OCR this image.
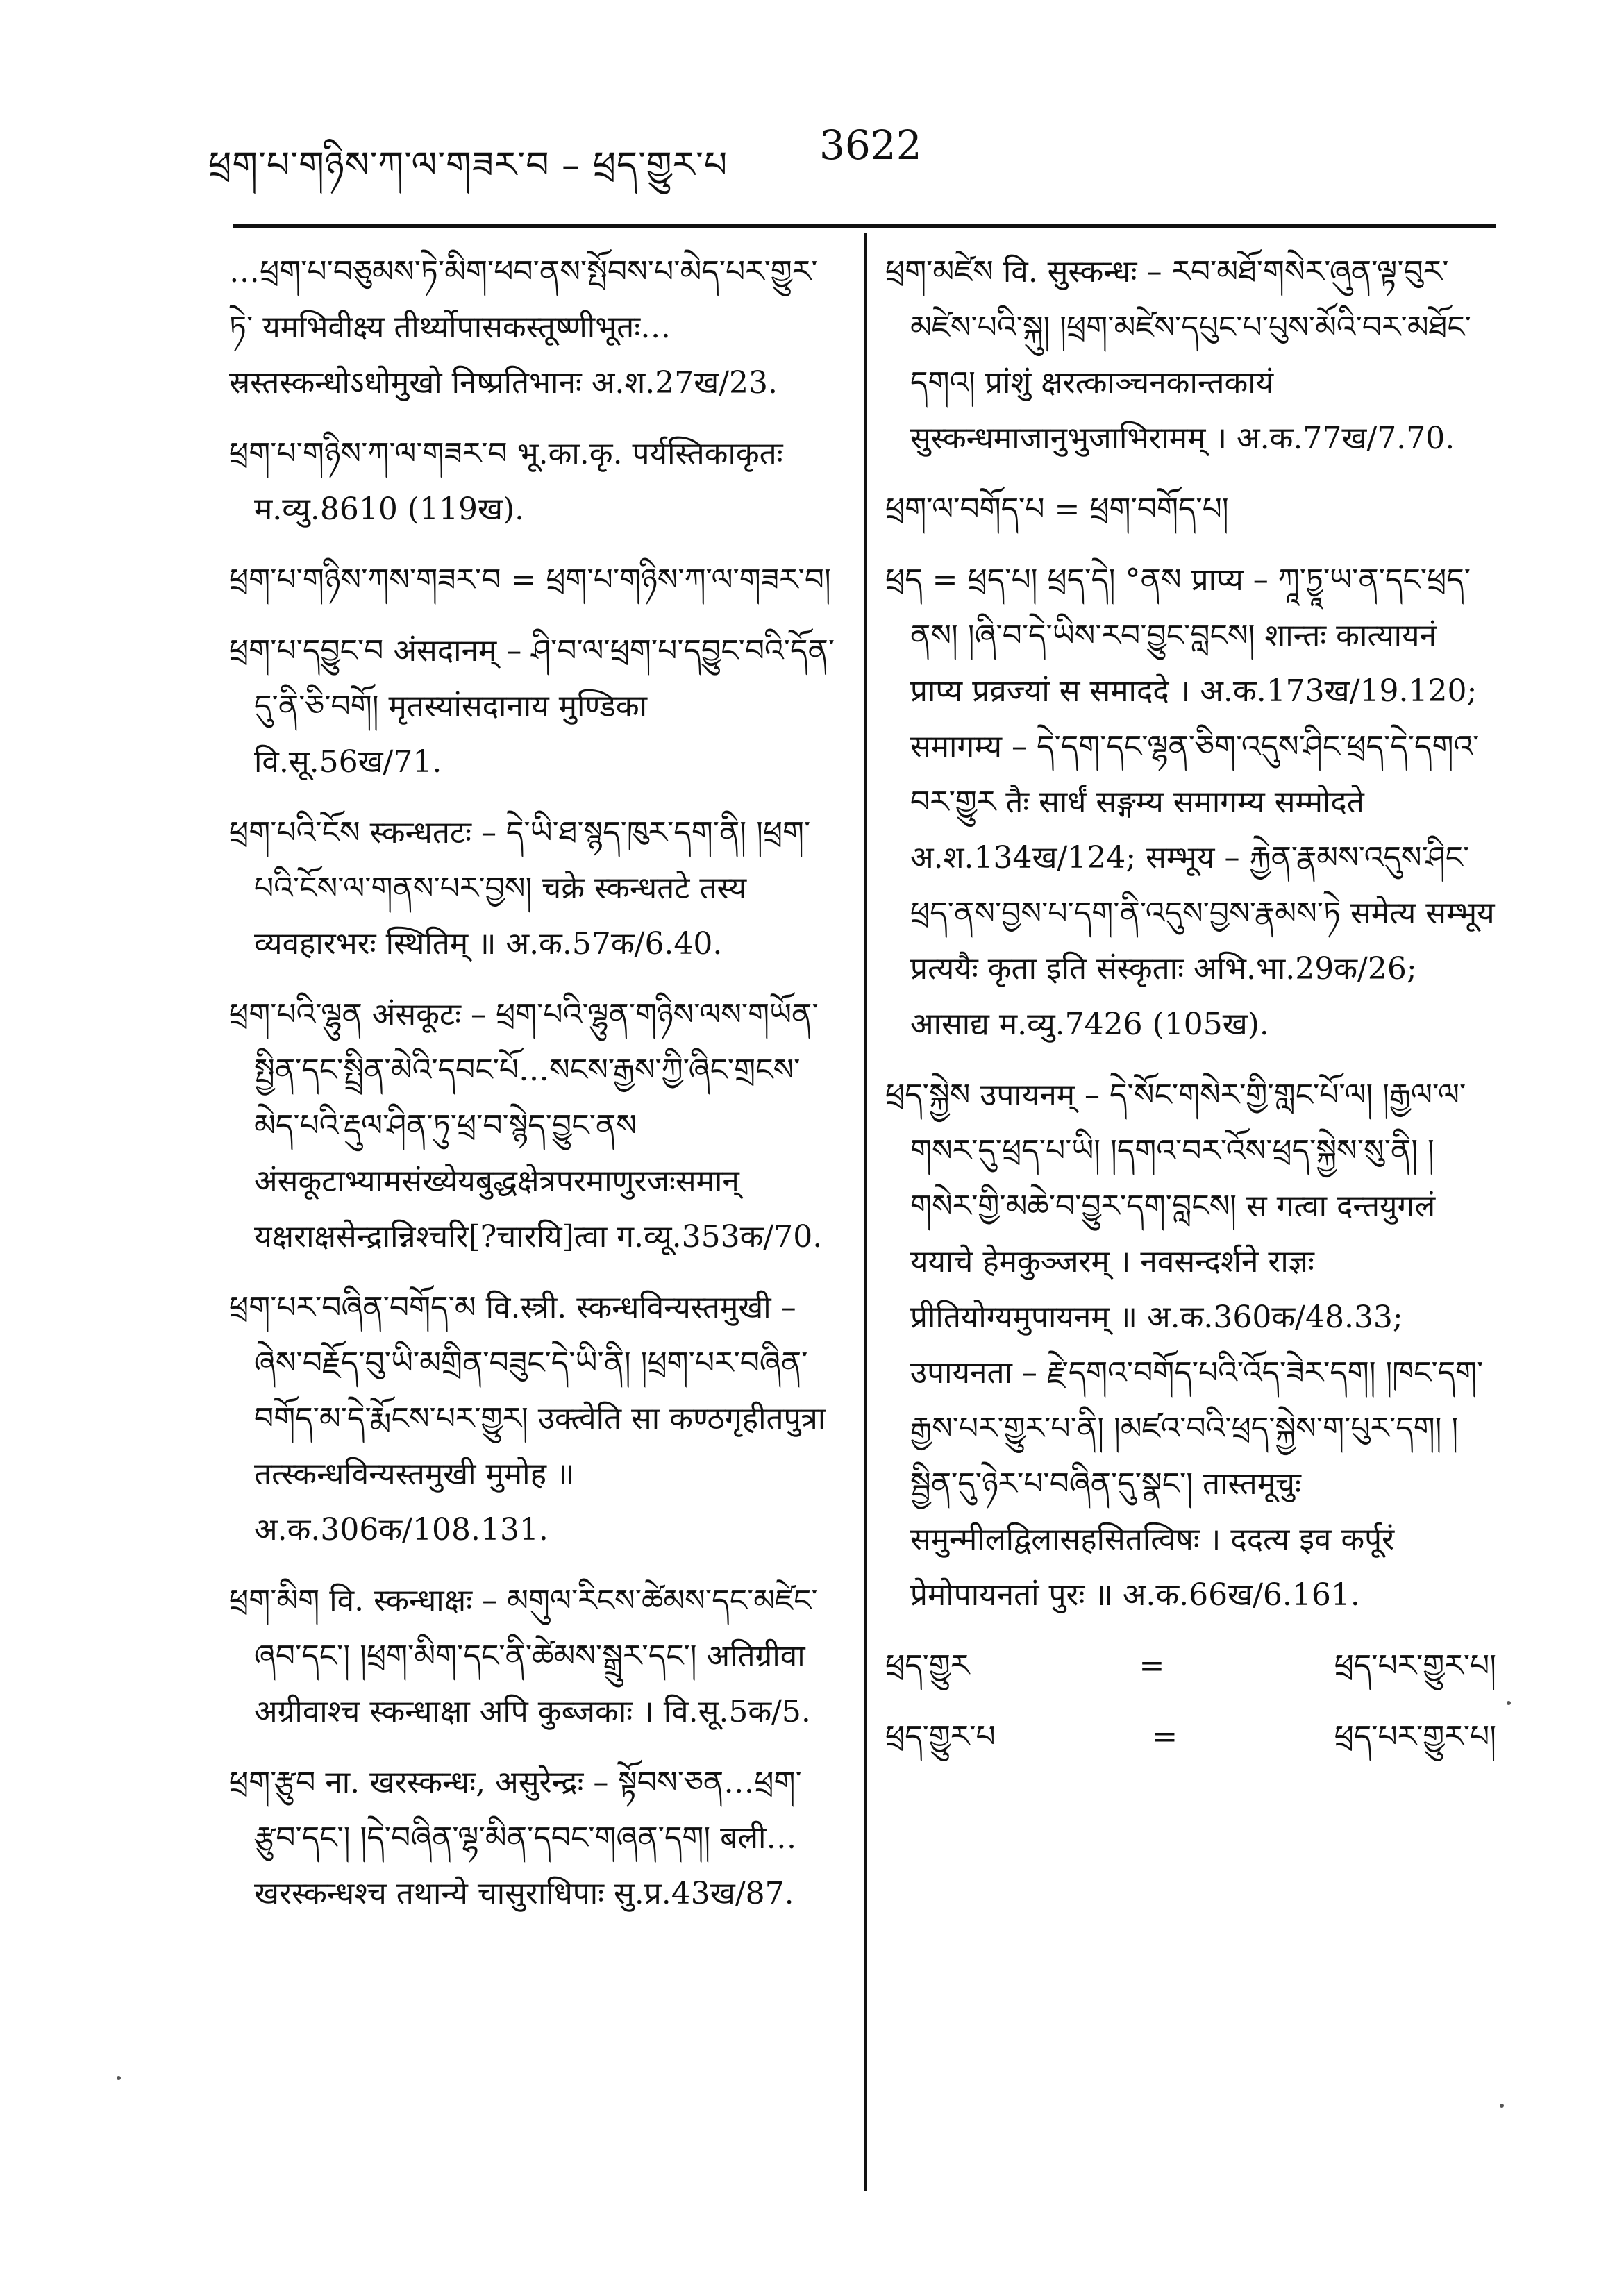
ཕྲག་པ་གཉིས་ཀ་ལ་གཟར་བ – ཕྲད་གྱུར་པ 3622

…ཕྲག་པ་བཅུམས་ཏེ་མིག་ཕབ་ནས་སྤོབས་པ་མེད་པར་གྱུར་ཏེ་ यमभिवीक्ष्य तीर्थ्योपासकस्तूष्णीभूतः…स्रस्तस्कन्धोऽधोमुखो निष्प्रतिभानः अ.श.27ख/23.

ཕྲག་པ་གཉིས་ཀ་ལ་གཟར་བ भू.का.कृ. पर्यस्तिकाकृतः म.व्यु.8610 (119ख).

ཕྲག་པ་གཉིས་ཀས་གཟར་བ = ཕྲག་པ་གཉིས་ཀ་ལ་གཟར་བ།

ཕྲག་པ་དབྱུང་བ अंसदानम् – ཤི་བ་ལ་ཕྲག་པ་དབྱུང་བའི་དོན་དུ་ནི་ཅི་བགོ། मृतस्यांसदानाय मुण्डिका वि.सू.56ख/71.

ཕྲག་པའི་ངོས स्कन्धतटः – དེ་ཡི་ཐ་སྙད་ཁུར་དག་ནི། །ཕྲག་པའི་ངོས་ལ་གནས་པར་བྱས། चक्रे स्कन्धतटे तस्य व्यवहारभरः स्थितिम् ॥ अ.क.57क/6.40.

ཕྲག་པའི་ལྷུན अंसकूटः – ཕྲག་པའི་ལྷུན་གཉིས་ལས་གཡོན་སྤྱིན་དང་སྤྲིན་མེའི་དབང་པོ…སངས་རྒྱས་ཀྱི་ཞིང་གྲངས་མེད་པའི་རྡུལ་ཤིན་ཏུ་ཕྲ་བ་སྙེད་བྱུང་ནས अंसकूटाभ्यामसंख्येयबुद्धक्षेत्रपरमाणुरजःसमान् यक्षराक्षसेन्द्रान्निश्चरि[?चारयि]त्वा ग.व्यू.353क/70.

ཕྲག་པར་བཞིན་བགོད་མ वि.स्त्री. स्कन्धविन्यस्तमुखी – ཞེས་བརྗོད་བུ་ཡི་མགྲིན་བཟུང་དེ་ཡི་ནི། །ཕྲག་པར་བཞིན་བགོད་མ་དེ་རྨོངས་པར་གྱུར། उक्त्वेति सा कण्ठगृहीतपुत्रा तत्स्कन्धविन्यस्तमुखी मुमोह ॥ अ.क.306क/108.131.

ཕྲག་མིག वि. स्कन्धाक्षः – མགུལ་རིངས་ཚེམས་དང་མཛེང་ཞབ་དང་། །ཕྲག་མིག་དང་ནི་ཚེམས་སྒྲུར་དང་། अतिग्रीवा अग्रीवाश्च स्कन्धाक्षा अपि कुब्जकाः । वि.सू.5क/5.

ཕྲག་རྩུབ ना. खरस्कन्धः, असुरेन्द्रः – སྟོབས་ཅན…ཕྲག་རྩུབ་དང་། །དེ་བཞིན་ལྷ་མིན་དབང་གཞན་དག། बली…खरस्कन्धश्च तथान्ये चासुराधिपाः सु.प्र.43ख/87.

ཕྲག་མཛེས वि. सुस्कन्धः – རབ་མཐོ་གསེར་ཞུན་ལྟ་བུར་མཛེས་པའི་སྐུ། །ཕྲག་མཛེས་དཔུང་པ་པུས་མོའི་བར་མཐོང་དགའ། प्रांशुं क्षरत्काञ्चनकान्तकायं सुस्कन्धमाजानुभुजाभिरामम् । अ.क.77ख/7.70.

ཕྲག་ལ་བགོད་པ = ཕྲག་བགོད་པ།

ཕྲད = ཕྲད་པ། ཕྲད་དེ། °ནས प्राप्य – ཀཱ་ཏྱཱ་ཡ་ན་དང་ཕྲད་ནས། །ཞི་བ་དེ་ཡིས་རབ་བྱུང་བླངས། शान्तः कात्यायनं प्राप्य प्रव्रज्यां स समाददे । अ.क.173ख/19.120; समागम्य – དེ་དག་དང་ལྷན་ཅིག་འདུས་ཤིང་ཕྲད་དེ་དགའ་བར་གྱུར तैः सार्धं सङ्गम्य समागम्य सम्मोदते अ.श.134ख/124; सम्भूय – རྐྱེན་རྣམས་འདུས་ཤིང་ཕྲད་ནས་བྱས་པ་དག་ནི་འདུས་བྱས་རྣམས་ཏེ समेत्य सम्भूय प्रत्ययैः कृता इति संस्कृताः अभि.भा.29क/26; आसाद्य म.व्यु.7426 (105ख).

ཕྲད་སྐྱེས उपायनम् – དེ་སོང་གསེར་གྱི་གླང་པོ་ལ། །རྒྱལ་ལ་གསར་དུ་ཕྲད་པ་ཡི། །དགའ་བར་འོས་ཕྲད་སྐྱེས་སུ་ནི། །གསེར་གྱི་མཆེ་བ་བྱུར་དག་བླངས། स गत्वा दन्तयुगलं ययाचे हेमकुञ्जरम् । नवसन्दर्शने राज्ञः प्रीतियोग्यमुपायनम् ॥ अ.क.360क/48.33; उपायनता – རྗེ་དགའ་བགོད་པའི་འོད་ཟེར་དག། །ཁང་དག་རྒྱས་པར་གྱུར་པ་ནི། །མཛའ་བའི་ཕྲད་སྐྱེས་ག་པུར་དག། །སྦྱིན་དུ་ཉེར་པ་བཞིན་དུ་སྣང་། तास्तमूचुः समुन्मीलद्विलासहसितत्विषः । ददत्य इव कर्पूरं प्रेमोपायनतां पुरः ॥ अ.क.66ख/6.161.

ཕྲད་གྱུར	=	ཕྲད་པར་གྱུར་པ།

ཕྲད་གྱུར་པ	=	ཕྲད་པར་གྱུར་པ།
